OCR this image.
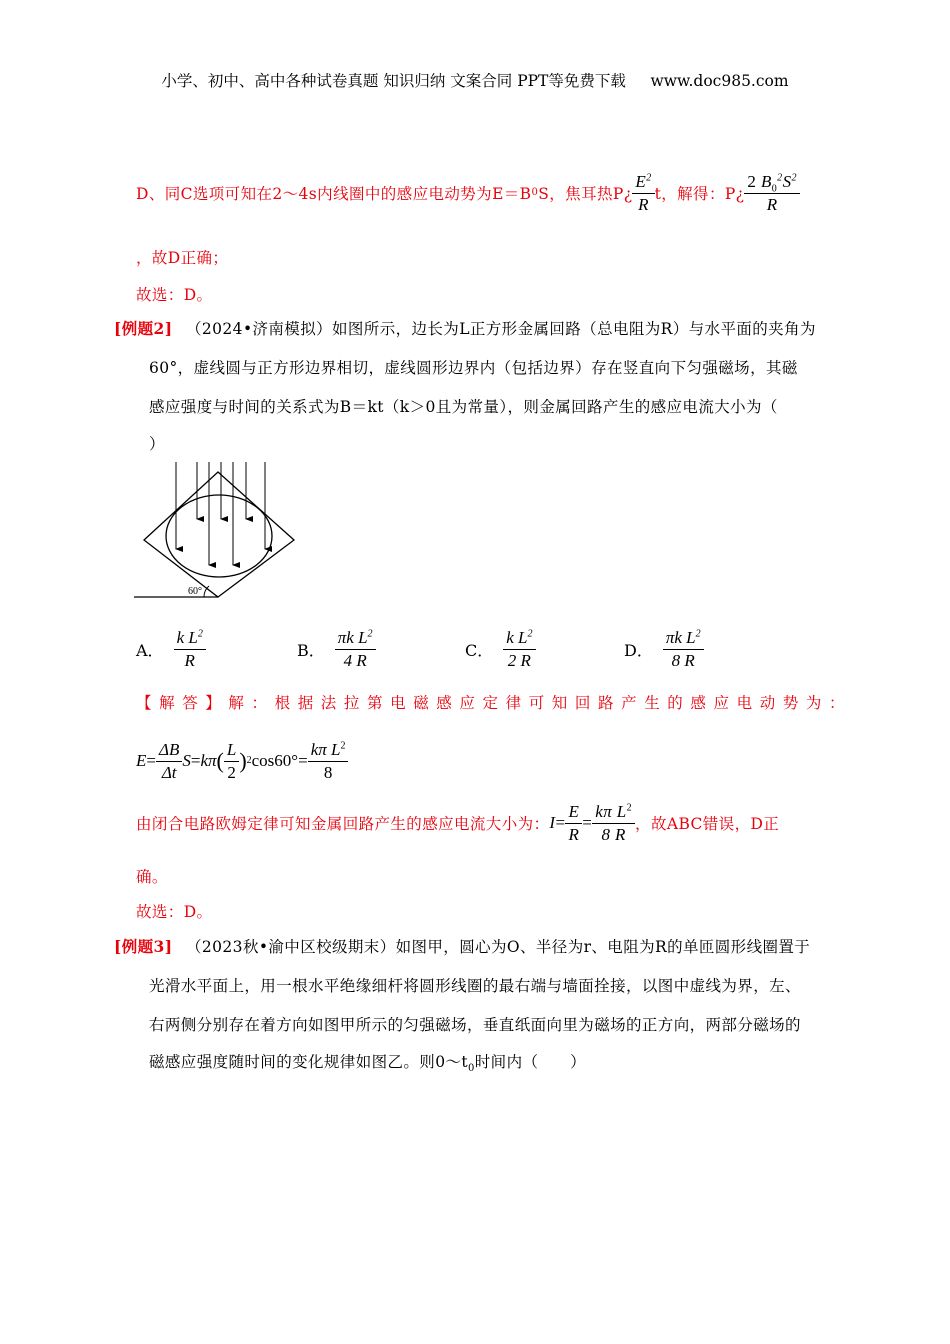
小学、初中、高中各种试卷真题 知识归纳 文案合同 PPT等免费下载     www.doc985.com
D、同C选项可知在2～4s内线圈中的感应电动势为E＝B 0 S，焦耳热P¿ $\frac{E^2}{R}$ t，解得：P¿ $\frac{2 B_0^2S^2}{R}$
，故D正确；
故选：D。
[例题2] （2024•济南模拟）如图所示，边长为L正方形金属回路（总电阻为R）与水平面的夹角为
60°，虚线圆与正方形边界相切，虚线圆形边界内（包括边界）存在竖直向下匀强磁场，其磁
感应强度与时间的关系式为B＝kt（k＞0且为常量），则金属回路产生的感应电流大小为（
）
60°
A． $\frac{k L^2}{R}$	B． $\frac{\pi k L^2}{4 R}$	C． $\frac{k L^2}{2 R}$	D． $\frac{\pi k L^2}{8 R}$
【解答】解：根据法拉第电磁感应定律可知回路产生的感应电动势为：
$E = \frac{\Delta B}{\Delta t}$ S = kπ ( $\frac{L}{2}$ ) 2 $\cos 60^\circ = \frac{k\pi L^2}{8}$
由闭合电路欧姆定律可知金属回路产生的感应电流大小为： $I = \frac{E}{R} = \frac{k\pi L^2}{8 R}$ ，故ABC错误，D正
确。
故选：D。
[例题3] （2023秋•渝中区校级期末）如图甲，圆心为O、半径为r、电阻为R的单匝圆形线圈置于
光滑水平面上，用一根水平绝缘细杆将圆形线圈的最右端与墙面拴接，以图中虚线为界，左、
右两侧分别存在着方向如图甲所示的匀强磁场，垂直纸面向里为磁场的正方向，两部分磁场的
磁感应强度随时间的变化规律如图乙。则$0\sim t_0$时间内（　　）
